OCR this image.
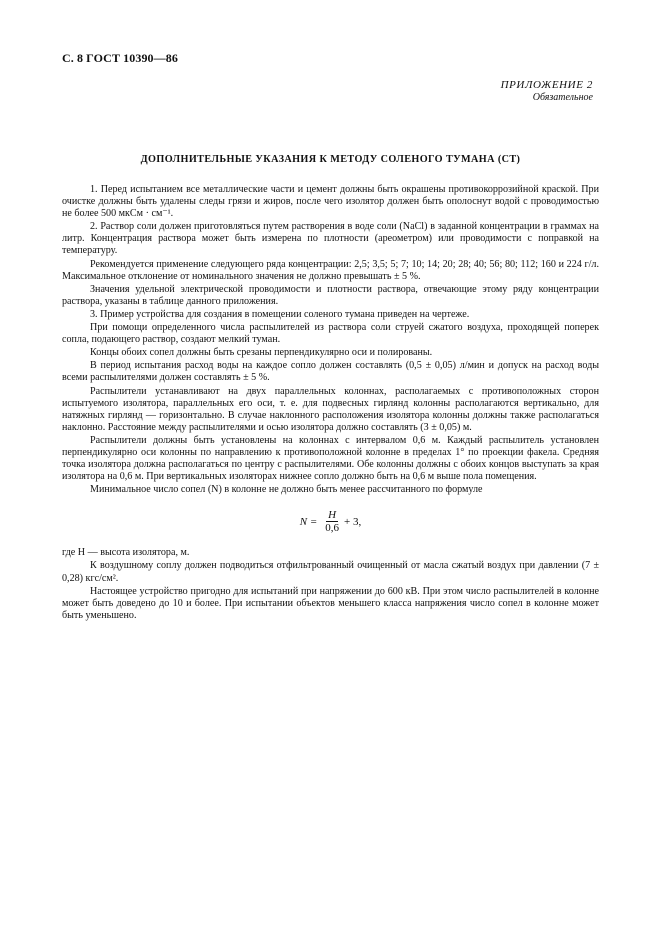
С. 8 ГОСТ 10390—86
ПРИЛОЖЕНИЕ 2
Обязательное
ДОПОЛНИТЕЛЬНЫЕ УКАЗАНИЯ К МЕТОДУ СОЛЕНОГО ТУМАНА (СТ)

1. Перед испытанием все металлические части и цемент должны быть окрашены противокоррозийной краской. При очистке должны быть удалены следы грязи и жиров, после чего изолятор должен быть ополоснут водой с проводимостью не более 500 мкСм · см⁻¹.

2. Раствор соли должен приготовляться путем растворения в воде соли (NaCl) в заданной концентрации в граммах на литр. Концентрация раствора может быть измерена по плотности (ареометром) или проводимости с поправкой на температуру.

Рекомендуется применение следующего ряда концентрации: 2,5; 3,5; 5; 7; 10; 14; 20; 28; 40; 56; 80; 112; 160 и 224 г/л. Максимальное отклонение от номинального значения не должно превышать ± 5 %.

Значения удельной электрической проводимости и плотности раствора, отвечающие этому ряду концентрации раствора, указаны в таблице данного приложения.

3. Пример устройства для создания в помещении соленого тумана приведен на чертеже.

При помощи определенного числа распылителей из раствора соли струей сжатого воздуха, проходящей поперек сопла, подающего раствор, создают мелкий туман.

Концы обоих сопел должны быть срезаны перпендикулярно оси и полированы.

В период испытания расход воды на каждое сопло должен составлять (0,5 ± 0,05) л/мин и допуск на расход воды всеми распылителями должен составлять ± 5 %.

Распылители устанавливают на двух параллельных колоннах, располагаемых с противоположных сторон испытуемого изолятора, параллельных его оси, т. е. для подвесных гирлянд колонны располагаются вертикально, для натяжных гирлянд — горизонтально. В случае наклонного расположения изолятора колонны должны также располагаться наклонно. Расстояние между распылителями и осью изолятора должно составлять (3 ± 0,05) м.

Распылители должны быть установлены на колоннах с интервалом 0,6 м. Каждый распылитель установлен перпендикулярно оси колонны по направлению к противоположной колонне в пределах 1° по проекции факела. Средняя точка изолятора должна располагаться по центру с распылителями. Обе колонны должны с обоих концов выступать за края изолятора на 0,6 м. При вертикальных изоляторах нижнее сопло должно быть на 0,6 м выше пола помещения.

Минимальное число сопел (N) в колонне не должно быть менее рассчитанного по формуле

$N = \frac{H}{0,6} + 3$,

где H — высота изолятора, м.

К воздушному соплу должен подводиться отфильтрованный очищенный от масла сжатый воздух при давлении (7 ± 0,28) кгс/см².

Настоящее устройство пригодно для испытаний при напряжении до 600 кВ. При этом число распылителей в колонне может быть доведено до 10 и более. При испытании объектов меньшего класса напряжения число сопел в колонне может быть уменьшено.
